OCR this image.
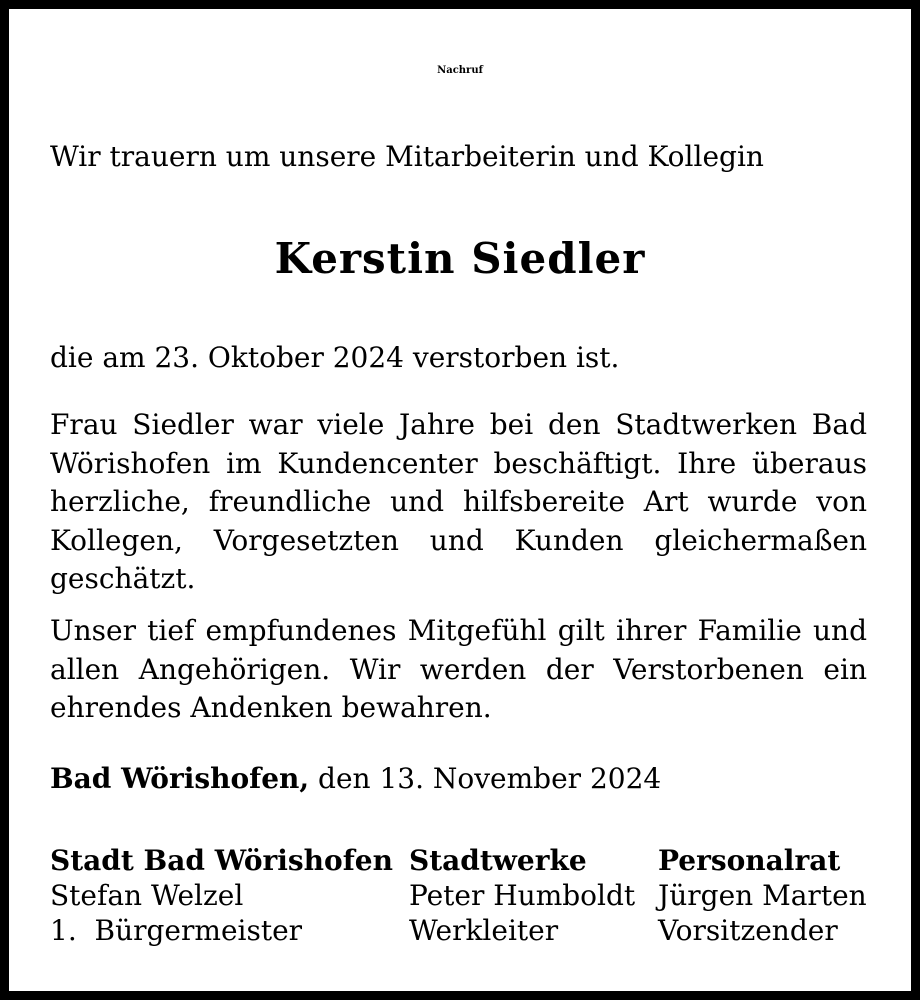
Nachruf
Wir trauern um unsere Mitarbeiterin und Kollegin
Kerstin Siedler
die am 23. Oktober 2024 verstorben ist.
Frau Siedler war viele Jahre bei den Stadtwerken Bad Wörishofen im Kundencenter beschäftigt. Ihre überaus herzliche, freundliche und hilfsbereite Art wurde von Kollegen, Vorgesetzten und Kunden gleichermaßen geschätzt.
Unser tief empfundenes Mitgefühl gilt ihrer Familie und allen Angehörigen. Wir werden der Verstorbenen ein ehrendes Andenken bewahren.
Bad Wörishofen, den 13. November 2024
Stadt Bad Wörishofen
Stefan Welzel
1.  Bürgermeister
Stadtwerke
Peter Humboldt
Werkleiter
Personalrat
Jürgen Marten
Vorsitzender
